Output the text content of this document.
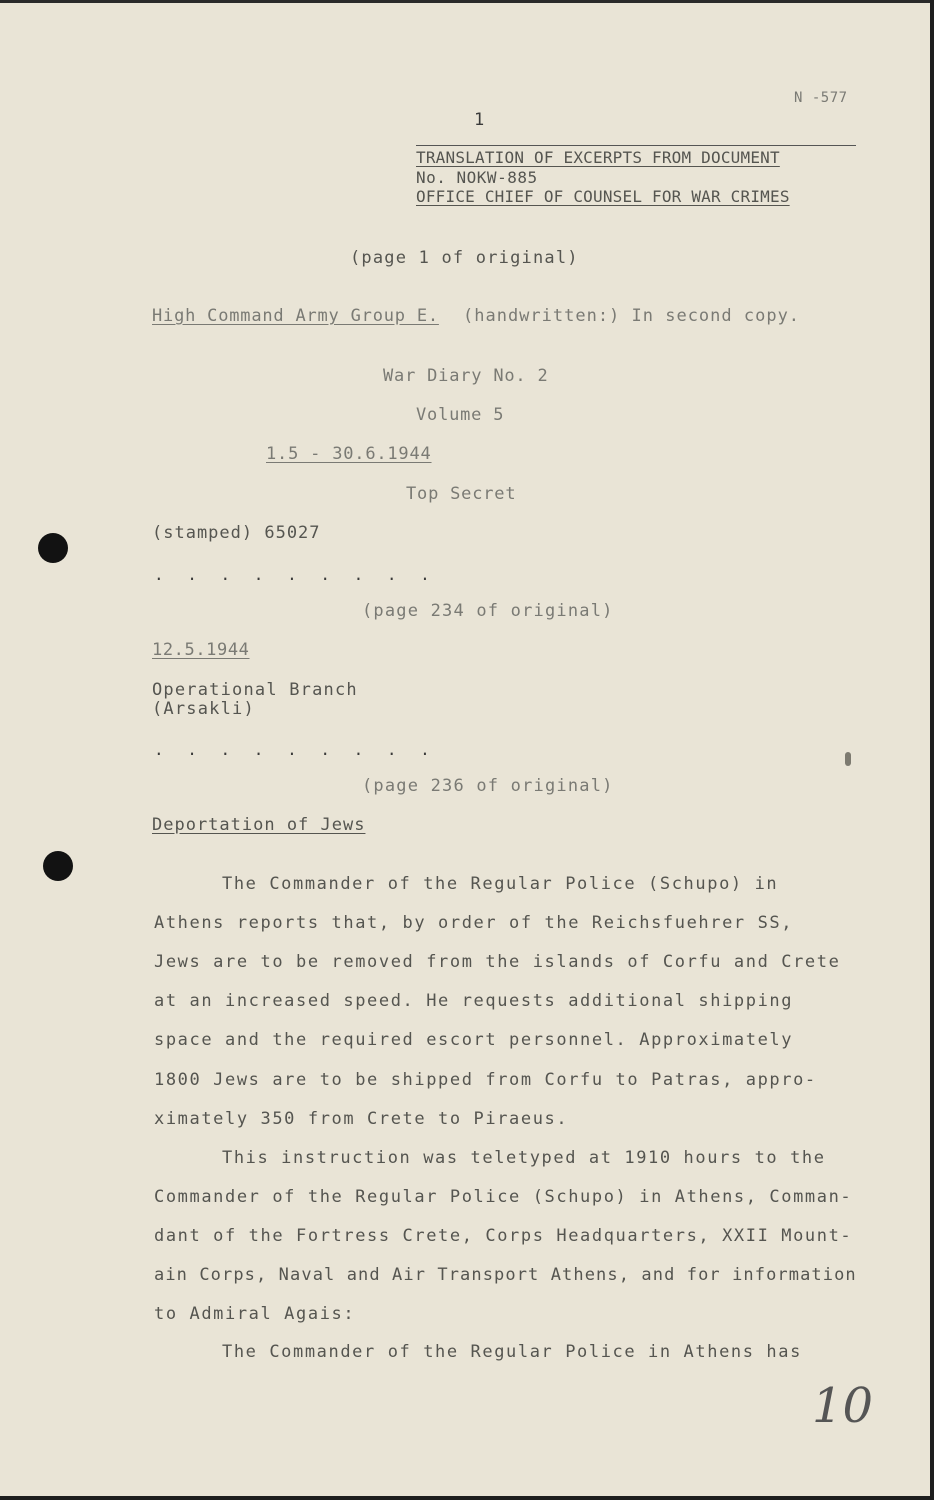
N -577
1
TRANSLATION OF EXCERPTS FROM DOCUMENT
No. NOKW-885
OFFICE CHIEF OF COUNSEL FOR WAR CRIMES
(page 1 of original)
High Command Army Group E. (handwritten:) In second copy.
War Diary No. 2
Volume 5
1.5 - 30.6.1944
Top Secret
(stamped) 65027
. . . . . . . . .
(page 234 of original)
12.5.1944
Operational Branch
(Arsakli)
. . . . . . . . .
(page 236 of original)
Deportation of Jews
The Commander of the Regular Police (Schupo) in
Athens reports that, by order of the Reichsfuehrer SS,
Jews are to be removed from the islands of Corfu and Crete
at an increased speed. He requests additional shipping
space and the required escort personnel. Approximately
1800 Jews are to be shipped from Corfu to Patras, appro-
ximately 350 from Crete to Piraeus.
This instruction was teletyped at 1910 hours to the
Commander of the Regular Police (Schupo) in Athens, Comman-
dant of the Fortress Crete, Corps Headquarters, XXII Mount-
ain Corps, Naval and Air Transport Athens, and for information
to Admiral Agais:
The Commander of the Regular Police in Athens has
10
